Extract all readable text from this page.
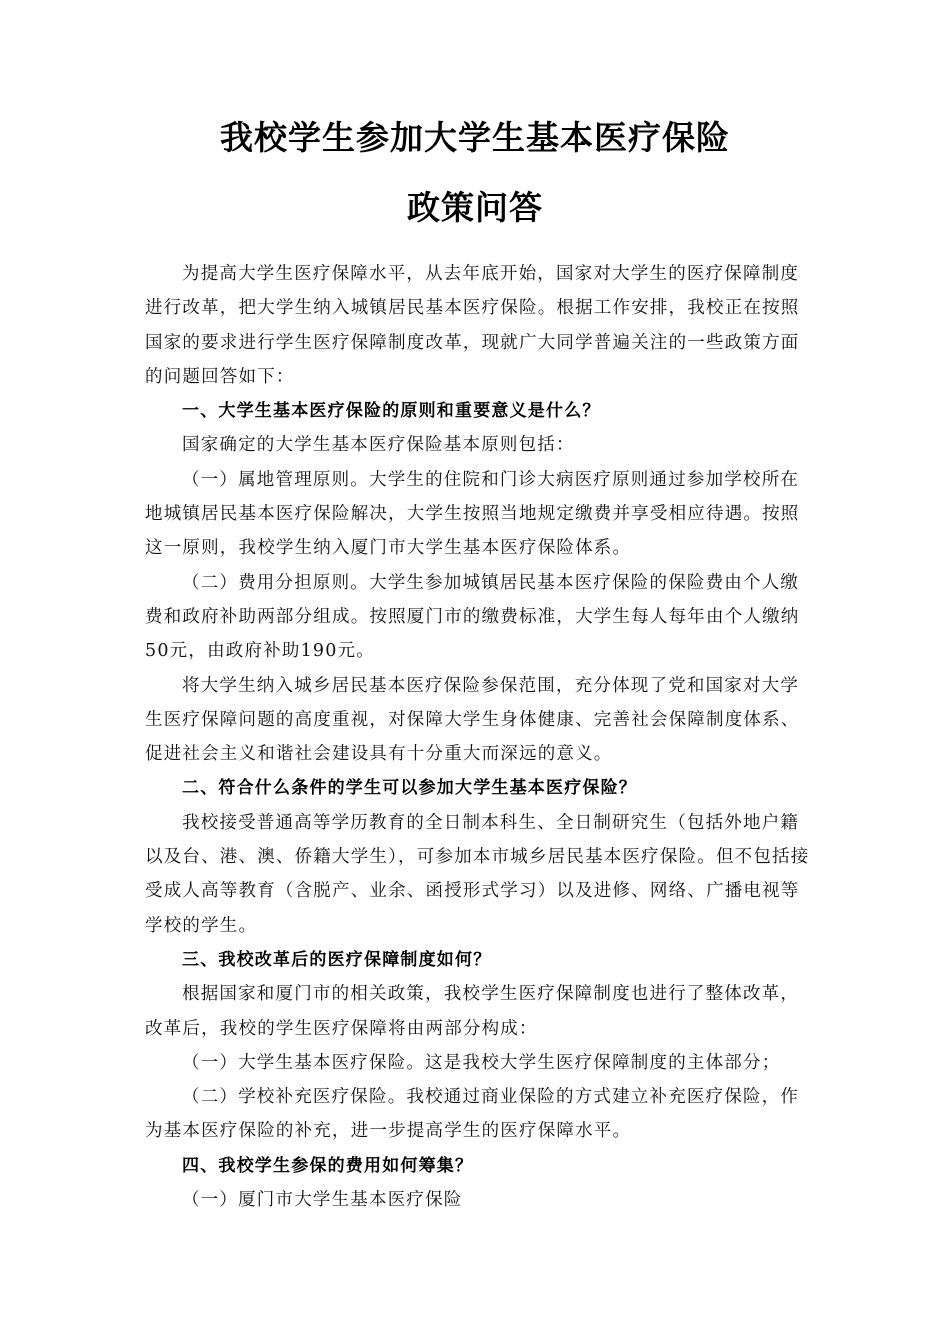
我校学生参加大学生基本医疗保险
政策问答

为提高大学生医疗保障水平，从去年底开始，国家对大学生的医疗保障制度进行改革，把大学生纳入城镇居民基本医疗保险。根据工作安排，我校正在按照国家的要求进行学生医疗保障制度改革，现就广大同学普遍关注的一些政策方面的问题回答如下：

一、大学生基本医疗保险的原则和重要意义是什么？

国家确定的大学生基本医疗保险基本原则包括：

（一）属地管理原则。大学生的住院和门诊大病医疗原则通过参加学校所在地城镇居民基本医疗保险解决，大学生按照当地规定缴费并享受相应待遇。按照这一原则，我校学生纳入厦门市大学生基本医疗保险体系。

（二）费用分担原则。大学生参加城镇居民基本医疗保险的保险费由个人缴费和政府补助两部分组成。按照厦门市的缴费标准，大学生每人每年由个人缴纳50元，由政府补助190元。

将大学生纳入城乡居民基本医疗保险参保范围，充分体现了党和国家对大学生医疗保障问题的高度重视，对保障大学生身体健康、完善社会保障制度体系、促进社会主义和谐社会建设具有十分重大而深远的意义。

二、符合什么条件的学生可以参加大学生基本医疗保险？

我校接受普通高等学历教育的全日制本科生、全日制研究生（包括外地户籍以及台、港、澳、侨籍大学生），可参加本市城乡居民基本医疗保险。但不包括接受成人高等教育（含脱产、业余、函授形式学习）以及进修、网络、广播电视等学校的学生。

三、我校改革后的医疗保障制度如何？

根据国家和厦门市的相关政策，我校学生医疗保障制度也进行了整体改革，改革后，我校的学生医疗保障将由两部分构成：

（一）大学生基本医疗保险。这是我校大学生医疗保障制度的主体部分；

（二）学校补充医疗保险。我校通过商业保险的方式建立补充医疗保险，作为基本医疗保险的补充，进一步提高学生的医疗保障水平。

四、我校学生参保的费用如何筹集？

（一）厦门市大学生基本医疗保险
